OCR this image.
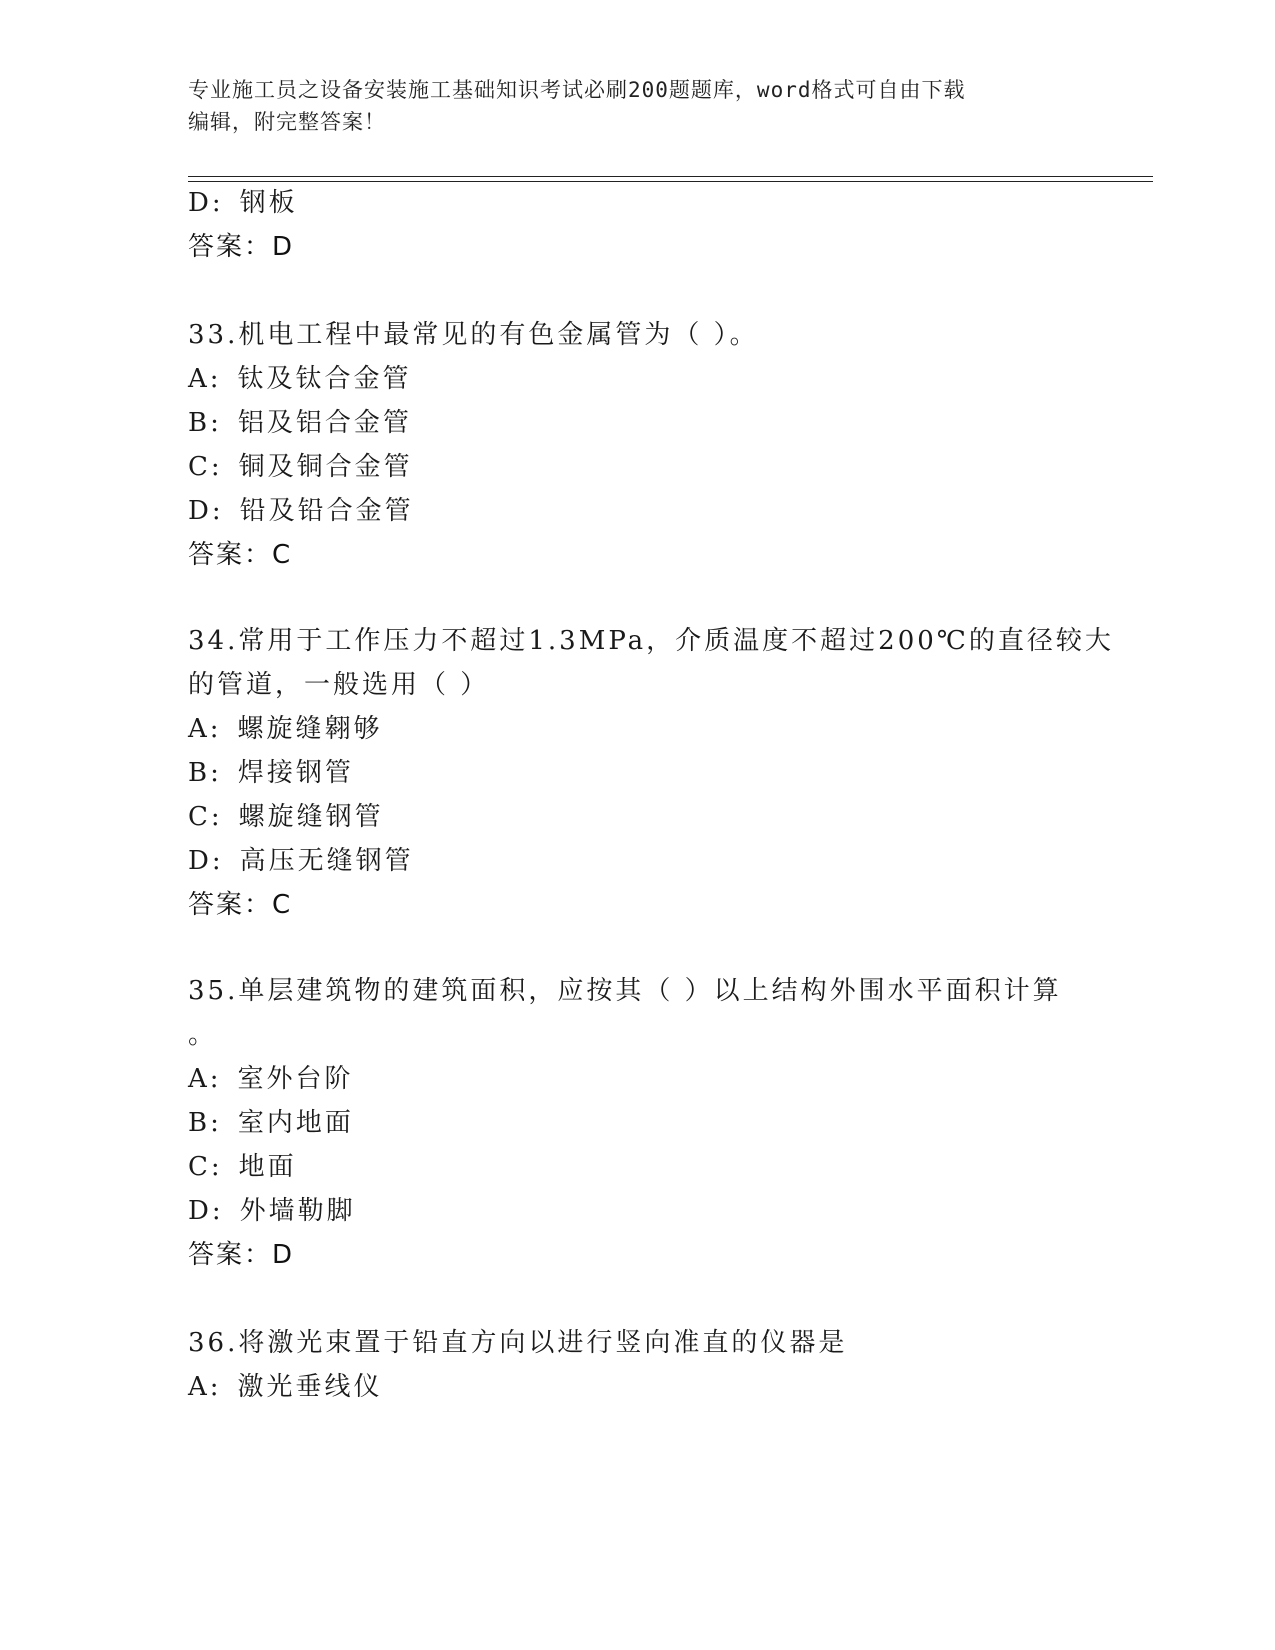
专业施工员之设备安装施工基础知识考试必刷200题题库，word格式可自由下载
编辑，附完整答案！
D: 钢板
答案：D
33.机电工程中最常见的有色金属管为（ ）。
A: 钛及钛合金管
B: 铝及铝合金管
C: 铜及铜合金管
D: 铅及铅合金管
答案：C
34.常用于工作压力不超过1.3MPa，介质温度不超过200℃的直径较大
的管道，一般选用（ ）
A: 螺旋缝翱够
B: 焊接钢管
C: 螺旋缝钢管
D: 高压无缝钢管
答案：C
35.单层建筑物的建筑面积，应按其（ ）以上结构外围水平面积计算
。
A: 室外台阶
B: 室内地面
C: 地面
D: 外墙勒脚
答案：D
36.将激光束置于铅直方向以进行竖向准直的仪器是
A: 激光垂线仪
